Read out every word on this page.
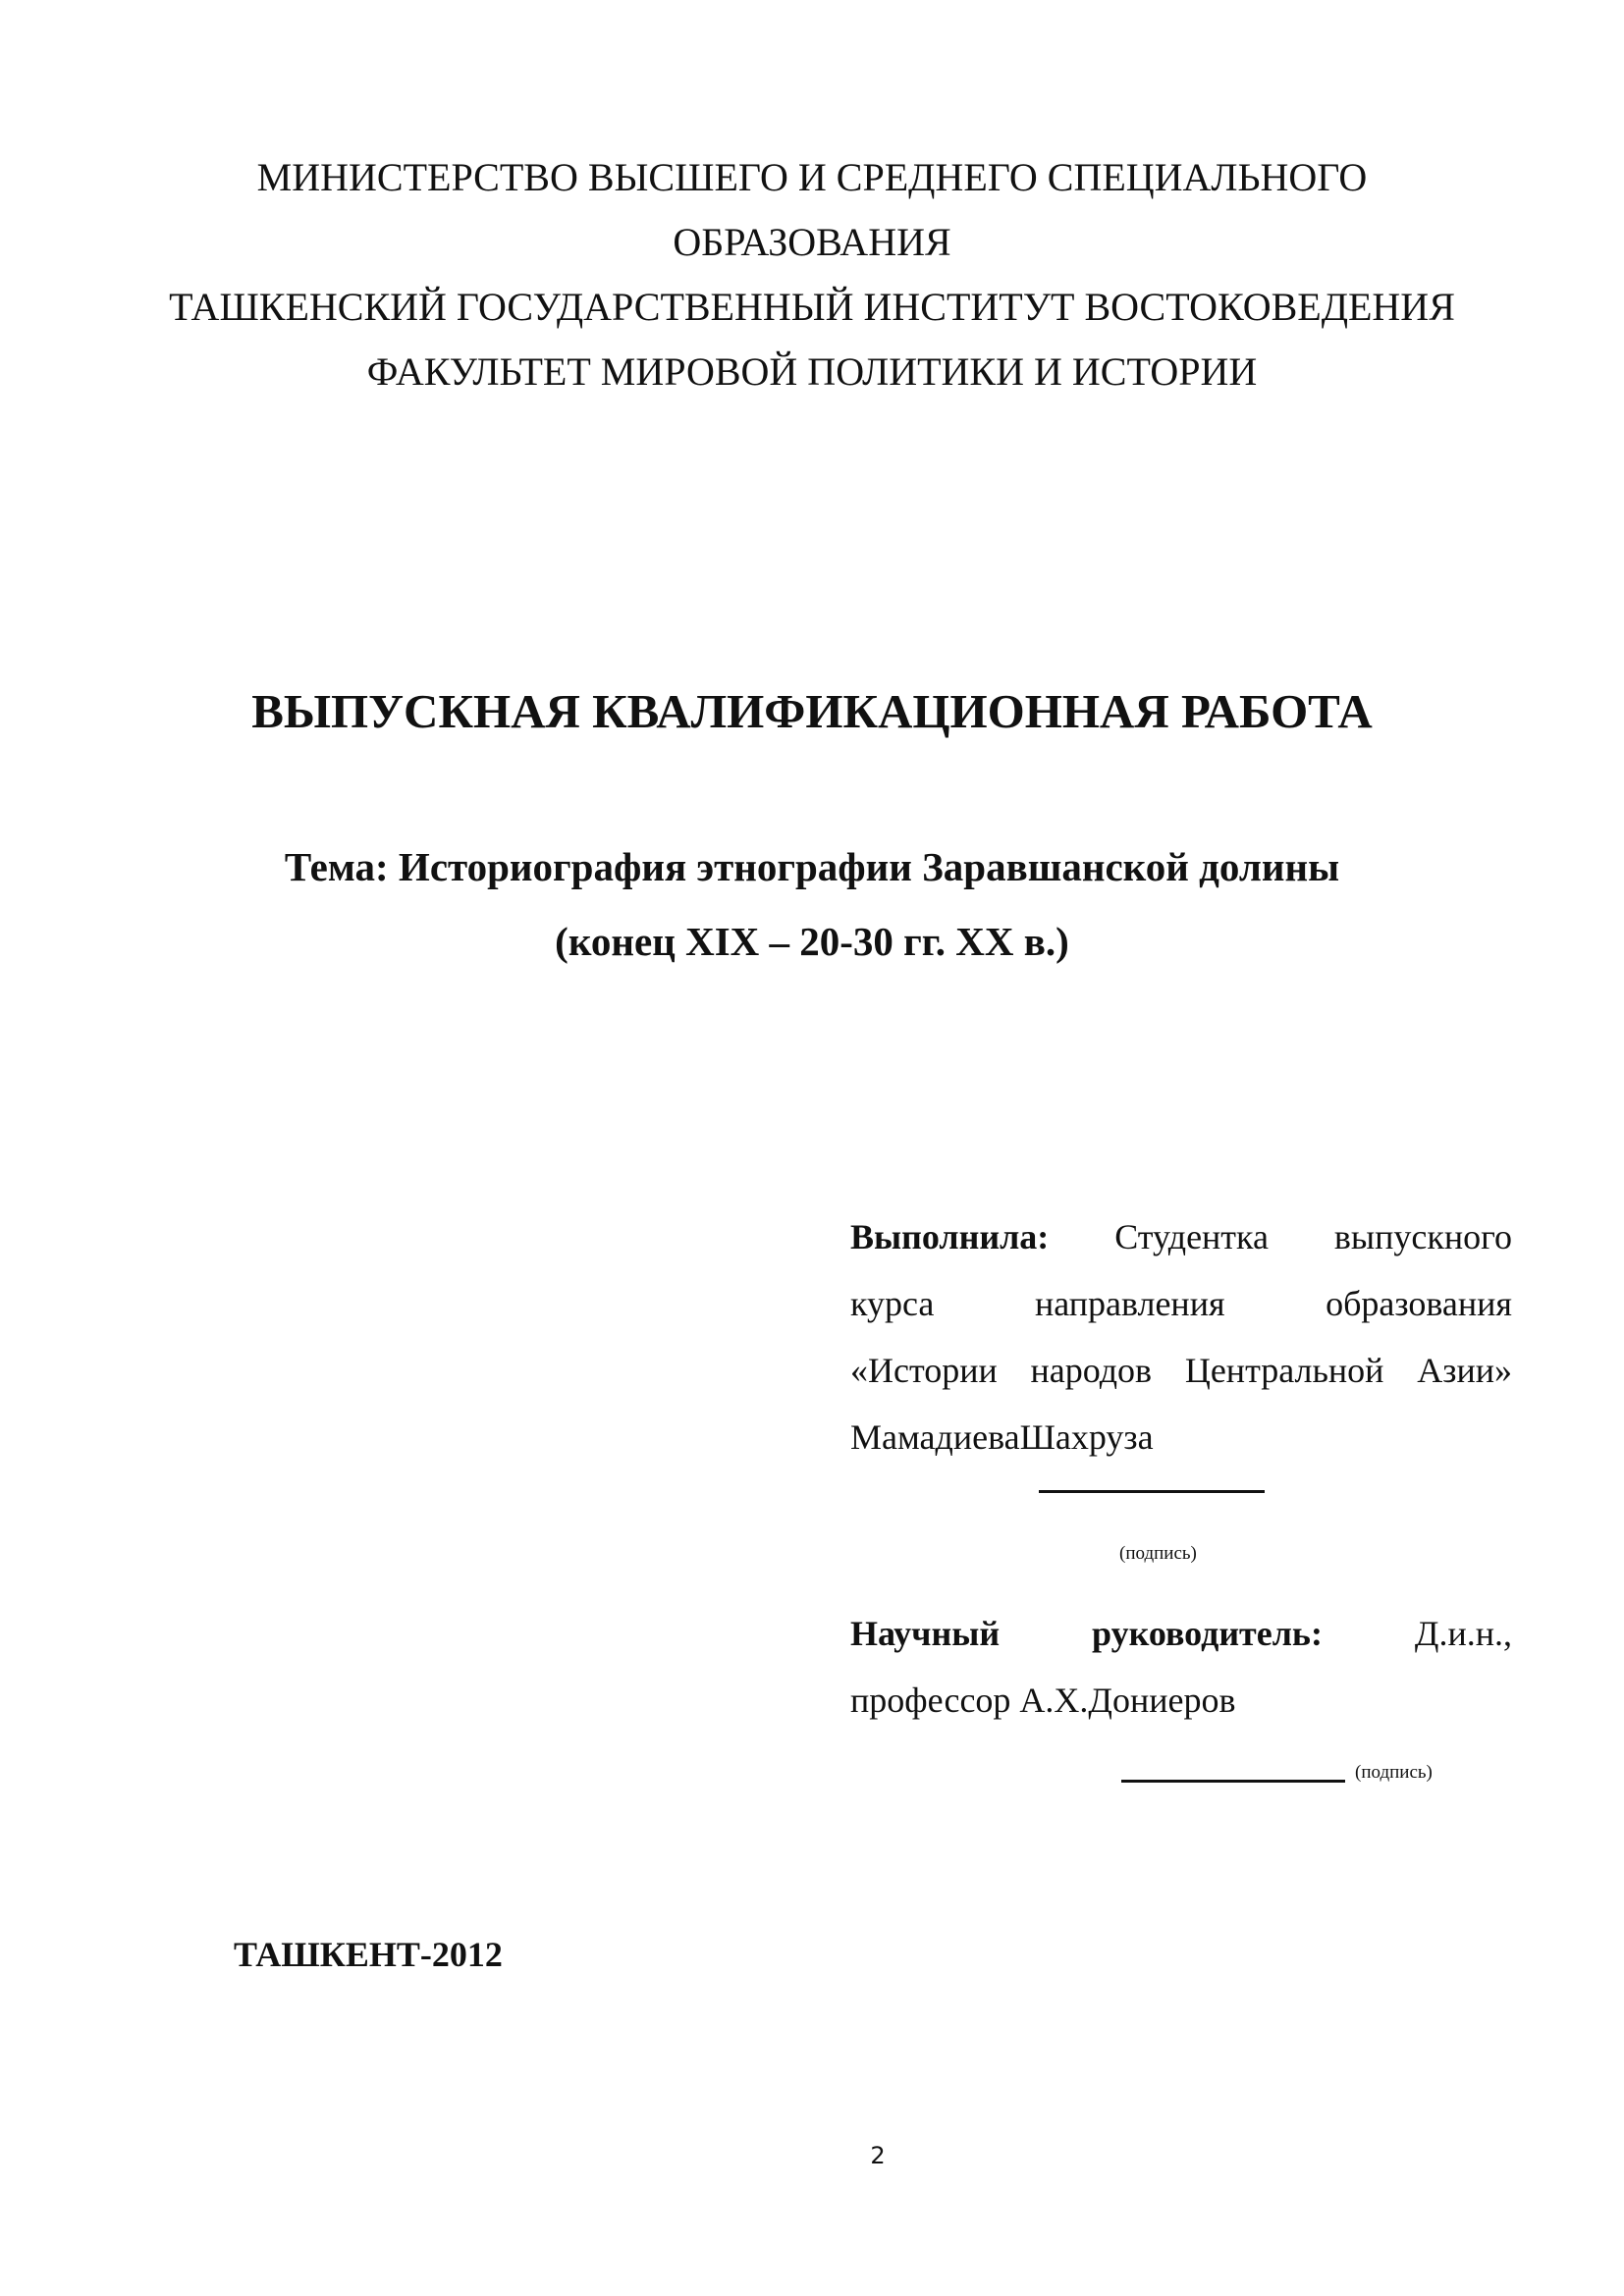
МИНИСТЕРСТВО ВЫСШЕГО И СРЕДНЕГО СПЕЦИАЛЬНОГО
ОБРАЗОВАНИЯ
ТАШКЕНСКИЙ ГОСУДАРСТВЕННЫЙ ИНСТИТУТ ВОСТОКОВЕДЕНИЯ
ФАКУЛЬТЕТ МИРОВОЙ ПОЛИТИКИ И ИСТОРИИ
ВЫПУСКНАЯ КВАЛИФИКАЦИОННАЯ РАБОТА
Тема: Историография этнографии Заравшанской долины
(конец XIX – 20-30 гг. XX в.)
Выполнила: Студентка выпускного
курса	направления	образования
«Истории народов Центральной Азии»
МамадиеваШахруза
(подпись)
Научный	руководитель:	Д.и.н.,
профессор А.Х.Дониеров
(подпись)
ТАШКЕНТ-2012
2
